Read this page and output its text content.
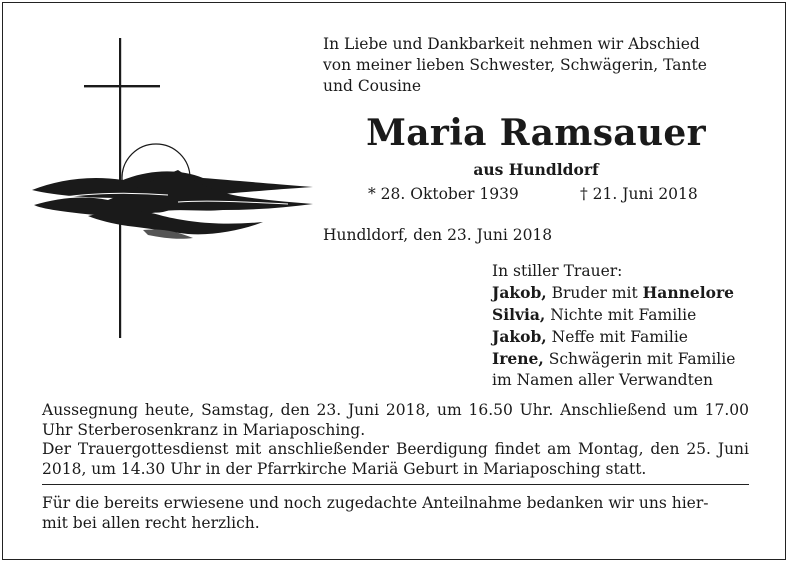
In Liebe und Dankbarkeit nehmen wir Abschied
von meiner lieben Schwester, Schwägerin, Tante
und Cousine
Maria Ramsauer
aus Hundldorf
* 28. Oktober 1939	† 21. Juni 2018
Hundldorf, den 23. Juni 2018
In stiller Trauer:
Jakob, Bruder mit Hannelore
Silvia, Nichte mit Familie
Jakob, Neffe mit Familie
Irene, Schwägerin mit Familie
im Namen aller Verwandten

Aussegnung heute, Samstag, den 23. Juni 2018, um 16.50 Uhr. Anschließend um 17.00 Uhr Sterberosenkranz in Mariaposching.

Der Trauergottesdienst mit anschließender Beerdigung findet am Montag, den 25. Juni 2018, um 14.30 Uhr in der Pfarrkirche Mariä Geburt in Mariaposching statt.

Für die bereits erwiesene und noch zugedachte Anteilnahme bedanken wir uns hier-
mit bei allen recht herzlich.
